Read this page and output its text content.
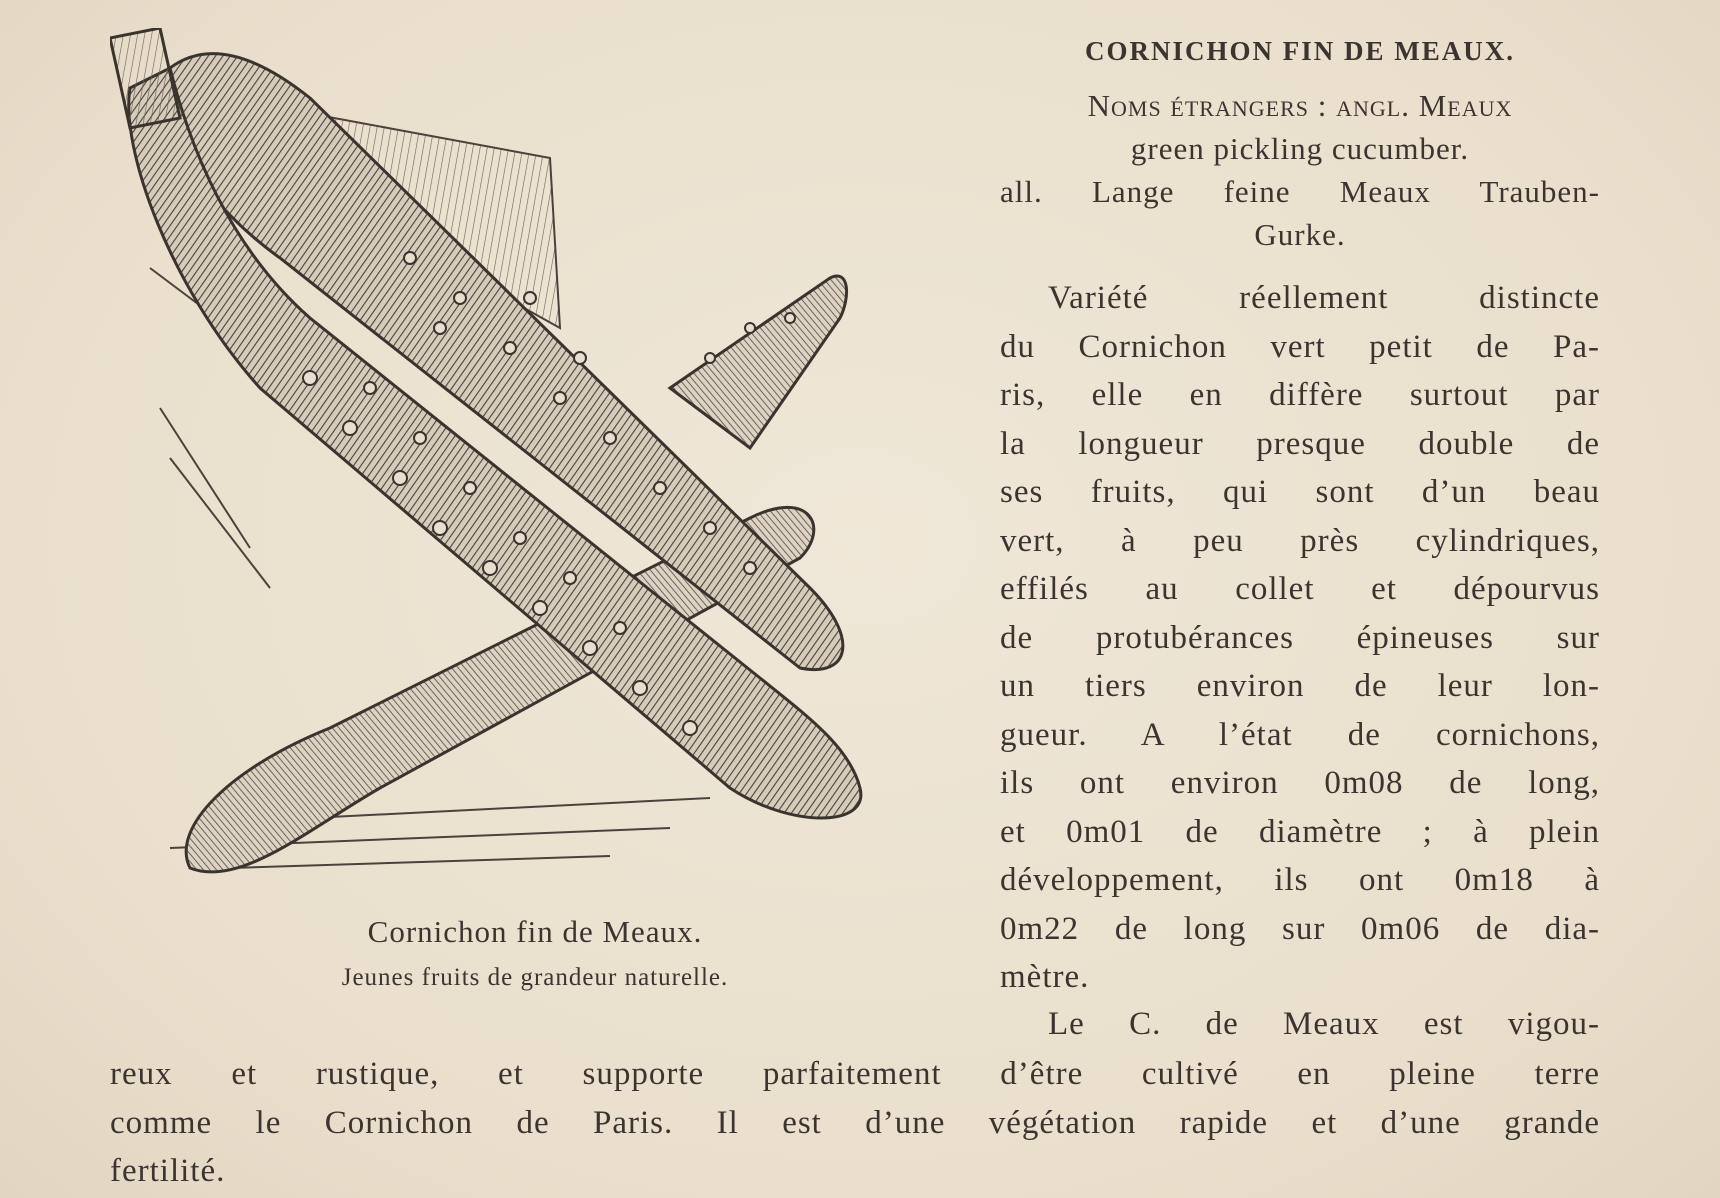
Cornichon fin de Meaux.
Jeunes fruits de grandeur naturelle.
CORNICHON FIN DE MEAUX.
Noms étrangers : angl. Meaux
green pickling cucumber.
all. Lange feine Meaux Trauben-
Gurke.
Variété réellement distincte
du Cornichon vert petit de Pa-
ris, elle en diffère surtout par
la longueur presque double de
ses fruits, qui sont d’un beau
vert, à peu près cylindriques,
effilés au collet et dépourvus
de protubérances épineuses sur
un tiers environ de leur lon-
gueur. A l’état de cornichons,
ils ont environ 0m08 de long,
et 0m01 de diamètre ; à plein
développement, ils ont 0m18 à
0m22 de long sur 0m06 de dia-
mètre.
Le C. de Meaux est vigou-
reux et rustique, et supporte parfaitement d’être cultivé en pleine terre
comme le Cornichon de Paris. Il est d’une végétation rapide et d’une grande
fertilité.
